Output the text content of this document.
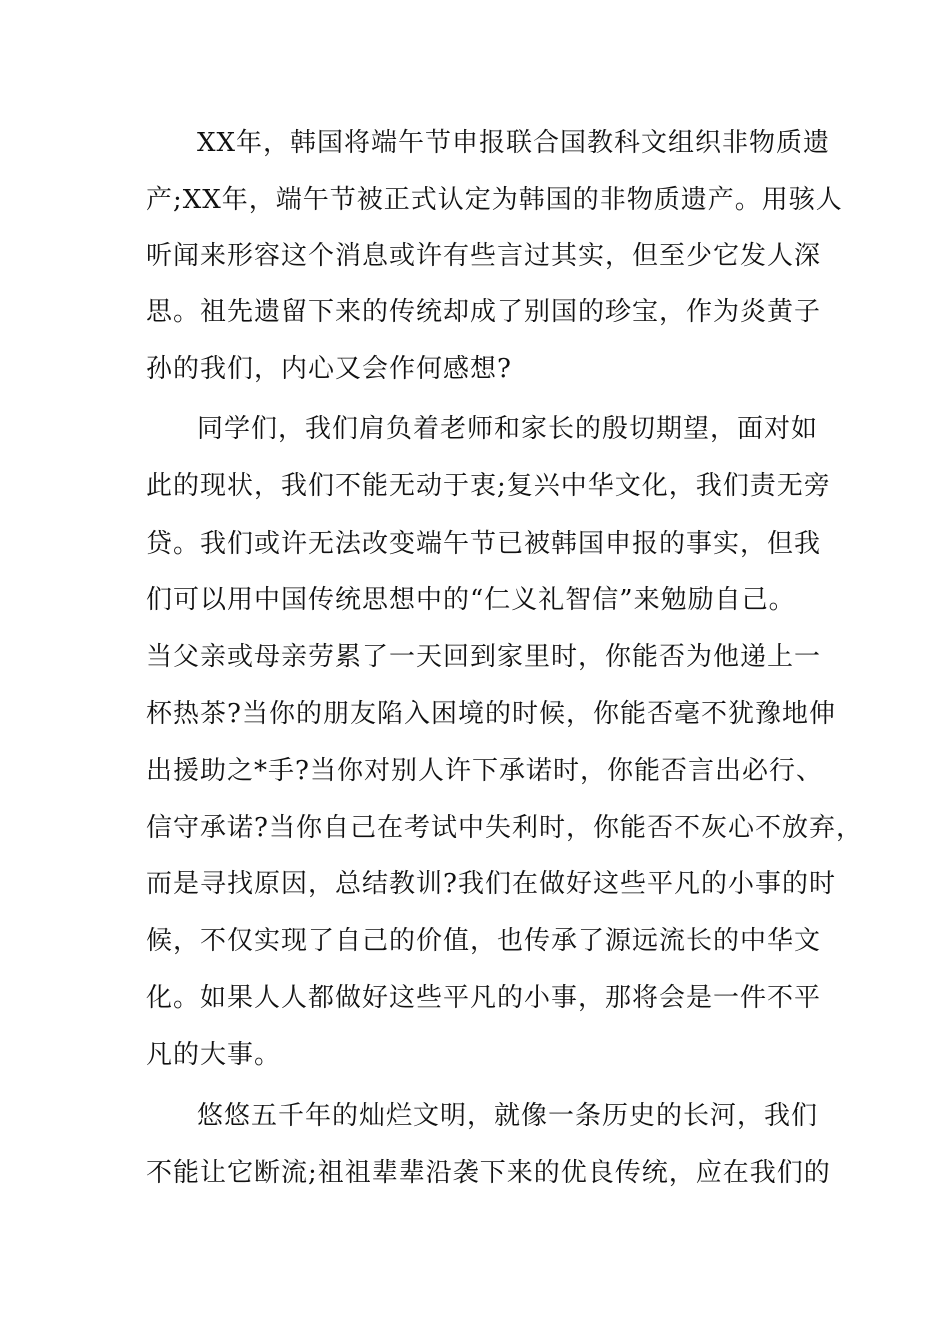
XX年，韩国将端午节申报联合国教科文组织非物质遗
产;XX年，端午节被正式认定为韩国的非物质遗产。用骇人
听闻来形容这个消息或许有些言过其实，但至少它发人深
思。祖先遗留下来的传统却成了别国的珍宝，作为炎黄子
孙的我们，内心又会作何感想?
同学们，我们肩负着老师和家长的殷切期望，面对如
此的现状，我们不能无动于衷;复兴中华文化，我们责无旁
贷。我们或许无法改变端午节已被韩国申报的事实，但我
们可以用中国传统思想中的“仁义礼智信”来勉励自己。
当父亲或母亲劳累了一天回到家里时，你能否为他递上一
杯热茶?当你的朋友陷入困境的时候，你能否毫不犹豫地伸
出援助之*手?当你对别人许下承诺时，你能否言出必行、
信守承诺?当你自己在考试中失利时，你能否不灰心不放弃，
而是寻找原因，总结教训?我们在做好这些平凡的小事的时
候，不仅实现了自己的价值，也传承了源远流长的中华文
化。如果人人都做好这些平凡的小事，那将会是一件不平
凡的大事。
悠悠五千年的灿烂文明，就像一条历史的长河，我们
不能让它断流;祖祖辈辈沿袭下来的优良传统，应在我们的
